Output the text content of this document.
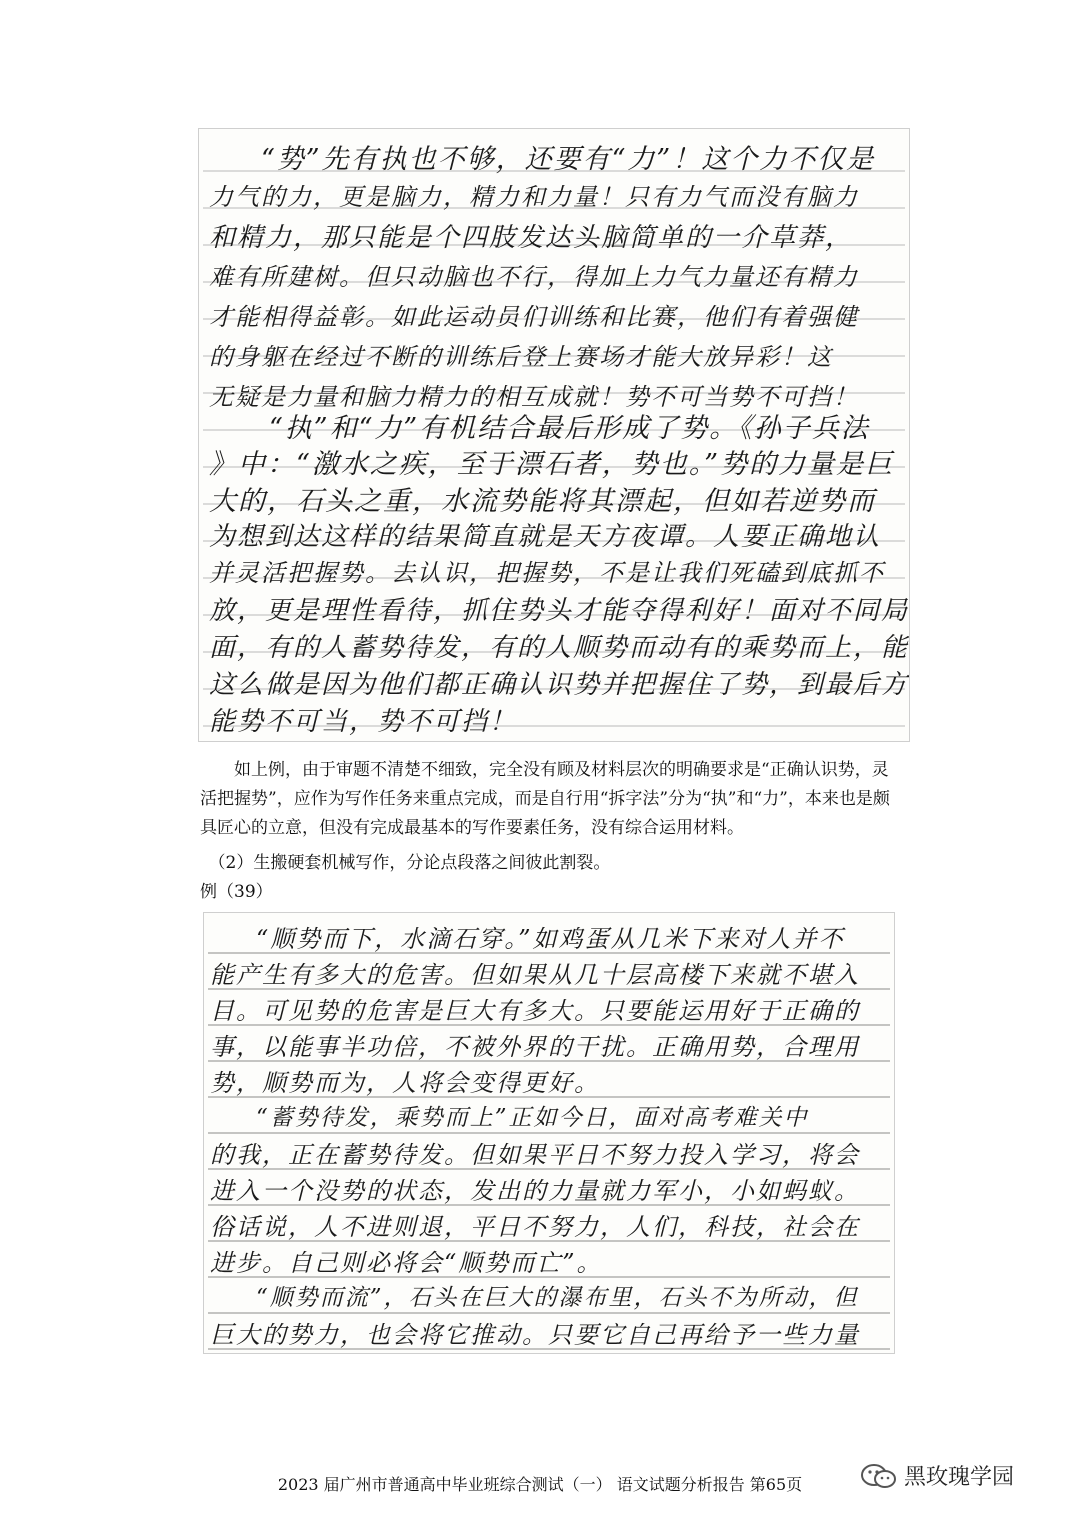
“势”先有执也不够，还要有“力”！这个力不仅是
力气的力，更是脑力，精力和力量！只有力气而没有脑力
和精力，那只能是个四肢发达头脑简单的一介草莽，
难有所建树。但只动脑也不行，得加上力气力量还有精力
才能相得益彰。如此运动员们训练和比赛，他们有着强健
的身躯在经过不断的训练后登上赛场才能大放异彩！这
无疑是力量和脑力精力的相互成就！势不可当势不可挡！
“执”和“力”有机结合最后形成了势。《孙子兵法
》中：“激水之疾，至于漂石者，势也。”势的力量是巨
大的，石头之重，水流势能将其漂起，但如若逆势而
为想到达这样的结果简直就是天方夜谭。人要正确地认
并灵活把握势。去认识，把握势，不是让我们死磕到底抓不
放，更是理性看待，抓住势头才能夺得利好！面对不同局
面，有的人蓄势待发，有的人顺势而动有的乘势而上，能
这么做是因为他们都正确认识势并把握住了势，到最后方
能势不可当，势不可挡！
如上例，由于审题不清楚不细致，完全没有顾及材料层次的明确要求是“正确认识势，灵活把握势”，应作为写作任务来重点完成，而是自行用“拆字法”分为“执”和“力”，本来也是颇具匠心的立意，但没有完成最基本的写作要素任务，没有综合运用材料。
（2）生搬硬套机械写作，分论点段落之间彼此割裂。
例（39）
“顺势而下，水滴石穿。”如鸡蛋从几米下来对人并不
能产生有多大的危害。但如果从几十层高楼下来就不堪入
目。可见势的危害是巨大有多大。只要能运用好于正确的
事，以能事半功倍，不被外界的干扰。正确用势，合理用
势，顺势而为，人将会变得更好。
“蓄势待发，乘势而上”正如今日，面对高考难关中
的我，正在蓄势待发。但如果平日不努力投入学习，将会
进入一个没势的状态，发出的力量就力军小，小如蚂蚁。
俗话说，人不进则退，平日不努力，人们，科技，社会在
进步。自己则必将会“顺势而亡”。
“顺势而流”，石头在巨大的瀑布里，石头不为所动，但
巨大的势力，也会将它推动。只要它自己再给予一些力量
2023 届广州市普通高中毕业班综合测试（一） 语文试题分析报告 第65页	黑玫瑰学园
